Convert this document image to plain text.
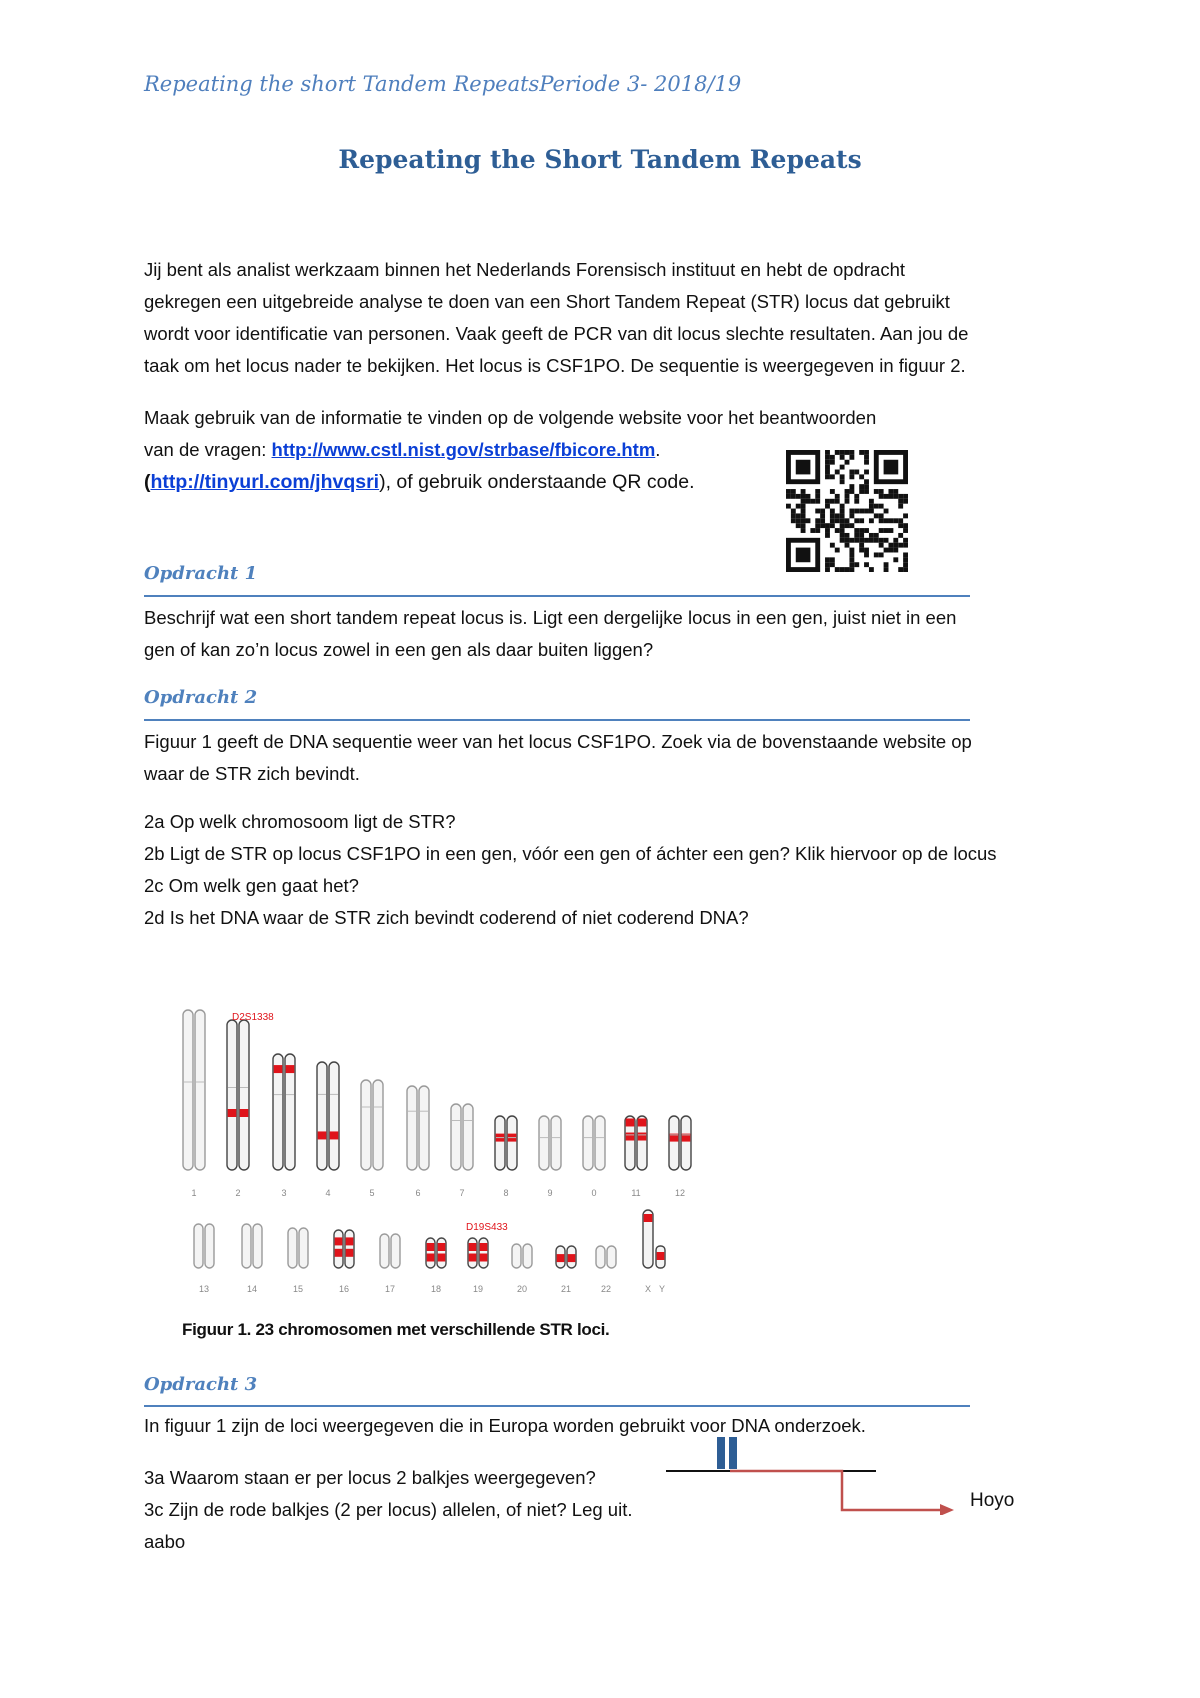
Repeating the short Tandem RepeatsPeriode 3- 2018/19
Repeating the Short Tandem Repeats
Jij bent als analist werkzaam binnen het Nederlands Forensisch instituut en hebt de opdracht
gekregen een uitgebreide analyse te doen van een Short Tandem Repeat (STR) locus dat gebruikt
wordt voor identificatie van personen. Vaak geeft de PCR van dit locus slechte resultaten. Aan jou de
taak om het locus nader te bekijken. Het locus is CSF1PO. De sequentie is weergegeven in figuur 2.
Maak gebruik van de informatie te vinden op de volgende website voor het beantwoorden
van de vragen: http://www.cstl.nist.gov/strbase/fbicore.htm.
(http://tinyurl.com/jhvqsri), of gebruik onderstaande QR code.
Opdracht 1
Beschrijf wat een short tandem repeat locus is. Ligt een dergelijke locus in een gen, juist niet in een
gen of kan zo’n locus zowel in een gen als daar buiten liggen?
Opdracht 2
Figuur 1 geeft de DNA sequentie weer van het locus CSF1PO. Zoek via de bovenstaande website op
waar de STR zich bevindt.
2a Op welk chromosoom ligt de STR?
2b Ligt de STR op locus CSF1PO in een gen, vóór een gen of áchter een gen? Klik hiervoor op de locus
2c Om welk gen gaat het?
2d Is het DNA waar de STR zich bevindt coderend of niet coderend DNA?
1	2	3	4	5	6	7	8	9	0	11	12
13	14	15	16	17	18	19	20	21	22	X Y
D2S1338
D19S433
Figuur 1. 23 chromosomen met verschillende STR loci.
Opdracht 3
In figuur 1 zijn de loci weergegeven die in Europa worden gebruikt voor DNA onderzoek.
3a Waarom staan er per locus 2 balkjes weergegeven?
3c Zijn de rode balkjes (2 per locus) allelen, of niet? Leg uit.
aabo
Hoyo
